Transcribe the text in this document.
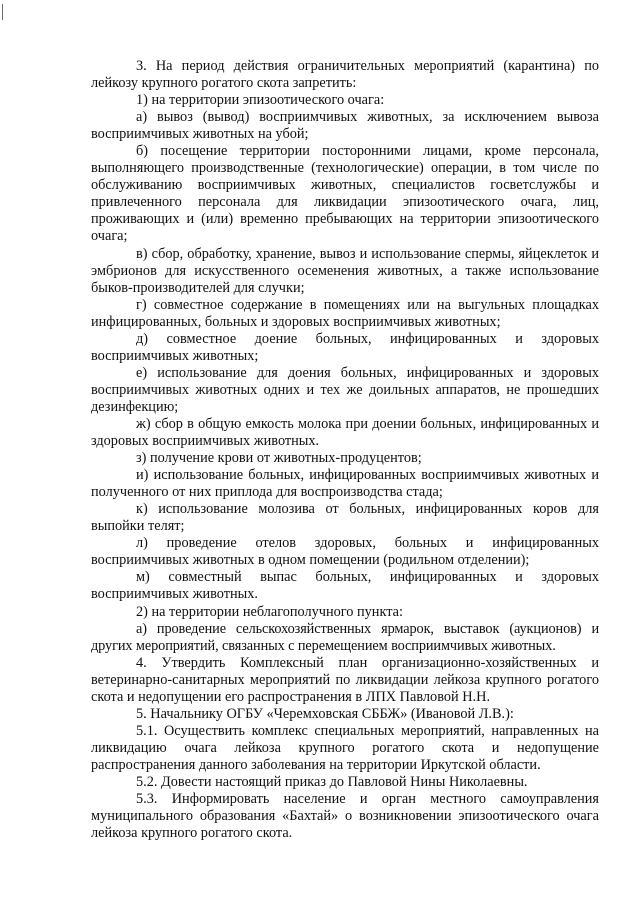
3. На период действия ограничительных мероприятий (карантина) по лейкозу крупного рогатого скота запретить:

1) на территории эпизоотического очага:

а) вывоз (вывод) восприимчивых животных, за исключением вывоза восприимчивых животных на убой;

б) посещение территории посторонними лицами, кроме персонала, выполняющего производственные (технологические) операции, в том числе по обслуживанию восприимчивых животных, специалистов госветслужбы и привлеченного персонала для ликвидации эпизоотического очага, лиц, проживающих и (или) временно пребывающих на территории эпизоотического очага;

в) сбор, обработку, хранение, вывоз и использование спермы, яйцеклеток и эмбрионов для искусственного осеменения животных, а также использование быков-производителей для случки;

г) совместное содержание в помещениях или на выгульных площадках инфицированных, больных и здоровых восприимчивых животных;

д) совместное доение больных, инфицированных и здоровых восприимчивых животных;

е) использование для доения больных, инфицированных и здоровых восприимчивых животных одних и тех же доильных аппаратов, не прошедших дезинфекцию;

ж) сбор в общую емкость молока при доении больных, инфицированных и здоровых восприимчивых животных.

з) получение крови от животных-продуцентов;

и) использование больных, инфицированных восприимчивых животных и полученного от них приплода для воспроизводства стада;

к) использование молозива от больных, инфицированных коров для выпойки телят;

л) проведение отелов здоровых, больных и инфицированных восприимчивых животных в одном помещении (родильном отделении);

м) совместный выпас больных, инфицированных и здоровых восприимчивых животных.

2) на территории неблагополучного пункта:

а) проведение сельскохозяйственных ярмарок, выставок (аукционов) и других мероприятий, связанных с перемещением восприимчивых животных.

4. Утвердить Комплексный план организационно-хозяйственных и ветеринарно-санитарных мероприятий по ликвидации лейкоза крупного рогатого скота и недопущении его распространения в ЛПХ Павловой Н.Н.

5. Начальнику ОГБУ «Черемховская СББЖ» (Ивановой Л.В.):

5.1. Осуществить комплекс специальных мероприятий, направленных на ликвидацию очага лейкоза крупного рогатого скота и недопущение распространения данного заболевания на территории Иркутской области.

5.2. Довести настоящий приказ до Павловой Нины Николаевны.

5.3. Информировать население и орган местного самоуправления муниципального образования «Бахтай» о возникновении эпизоотического очага лейкоза крупного рогатого скота.
